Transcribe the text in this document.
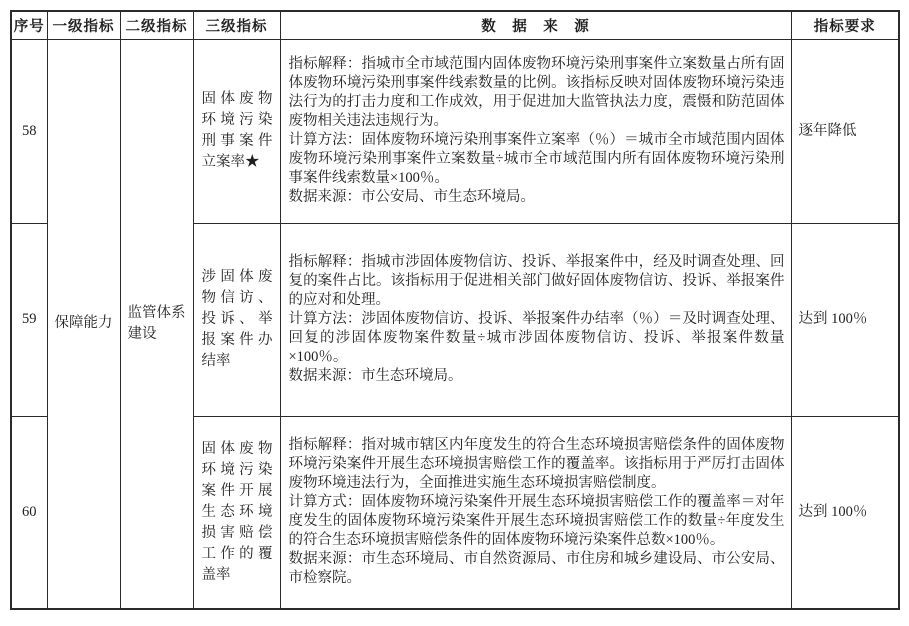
序号	一级指标	二级指标	三级指标	数　据　来　源	指标要求
58	保障能力	监管体系建设	固体废物环境污染刑事案件立案率★	指标解释：指城市全市域范围内固体废物环境污染刑事案件立案数量占所有固体废物环境污染刑事案件线索数量的比例。该指标反映对固体废物环境污染违法行为的打击力度和工作成效，用于促进加大监管执法力度，震慑和防范固体废物相关违法违规行为。

计算方法：固体废物环境污染刑事案件立案率（％）＝城市全市域范围内固体废物环境污染刑事案件立案数量÷城市全市域范围内所有固体废物环境污染刑事案件线索数量×100％。

数据来源：市公安局、市生态环境局。	逐年降低
59			涉固体废物信访、投诉、举报案件办结率	指标解释：指城市涉固体废物信访、投诉、举报案件中，经及时调查处理、回复的案件占比。该指标用于促进相关部门做好固体废物信访、投诉、举报案件的应对和处理。

计算方法：涉固体废物信访、投诉、举报案件办结率（％）＝及时调查处理、回复的涉固体废物案件数量÷城市涉固体废物信访、投诉、举报案件数量×100％。

数据来源：市生态环境局。	达到 100％
60			固体废物环境污染案件开展生态环境损害赔偿工作的覆盖率	指标解释：指对城市辖区内年度发生的符合生态环境损害赔偿条件的固体废物环境污染案件开展生态环境损害赔偿工作的覆盖率。该指标用于严厉打击固体废物环境违法行为，全面推进实施生态环境损害赔偿制度。

计算方式：固体废物环境污染案件开展生态环境损害赔偿工作的覆盖率＝对年度发生的固体废物环境污染案件开展生态环境损害赔偿工作的数量÷年度发生的符合生态环境损害赔偿条件的固体废物环境污染案件总数×100％。

数据来源：市生态环境局、市自然资源局、市住房和城乡建设局、市公安局、市检察院。	达到 100％
